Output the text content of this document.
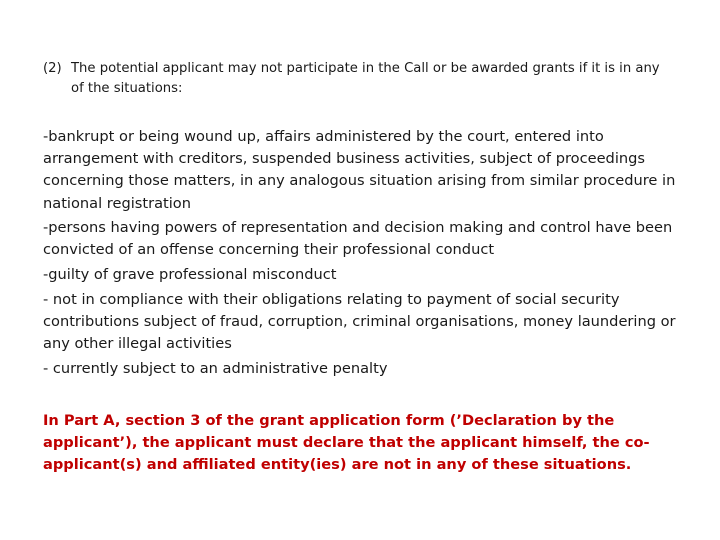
(2) The potential applicant may not participate in the Call or be awarded grants if it is in any of the situations:
-bankrupt or being wound up, affairs administered by the court, entered into arrangement with creditors, suspended business activities, subject of proceedings concerning those matters, in any analogous situation arising from similar procedure in national registration
-persons having powers of representation and decision making and control have been convicted of an offense concerning their professional conduct
-guilty of grave professional misconduct
- not in compliance with their obligations relating to payment of social security contributions subject of fraud, corruption, criminal organisations, money laundering or any other illegal activities
- currently subject to an administrative penalty
In Part A, section 3 of the grant application form (’Declaration by the applicant’), the applicant must declare that the applicant himself, the co-applicant(s) and affiliated entity(ies) are not in any of these situations.
